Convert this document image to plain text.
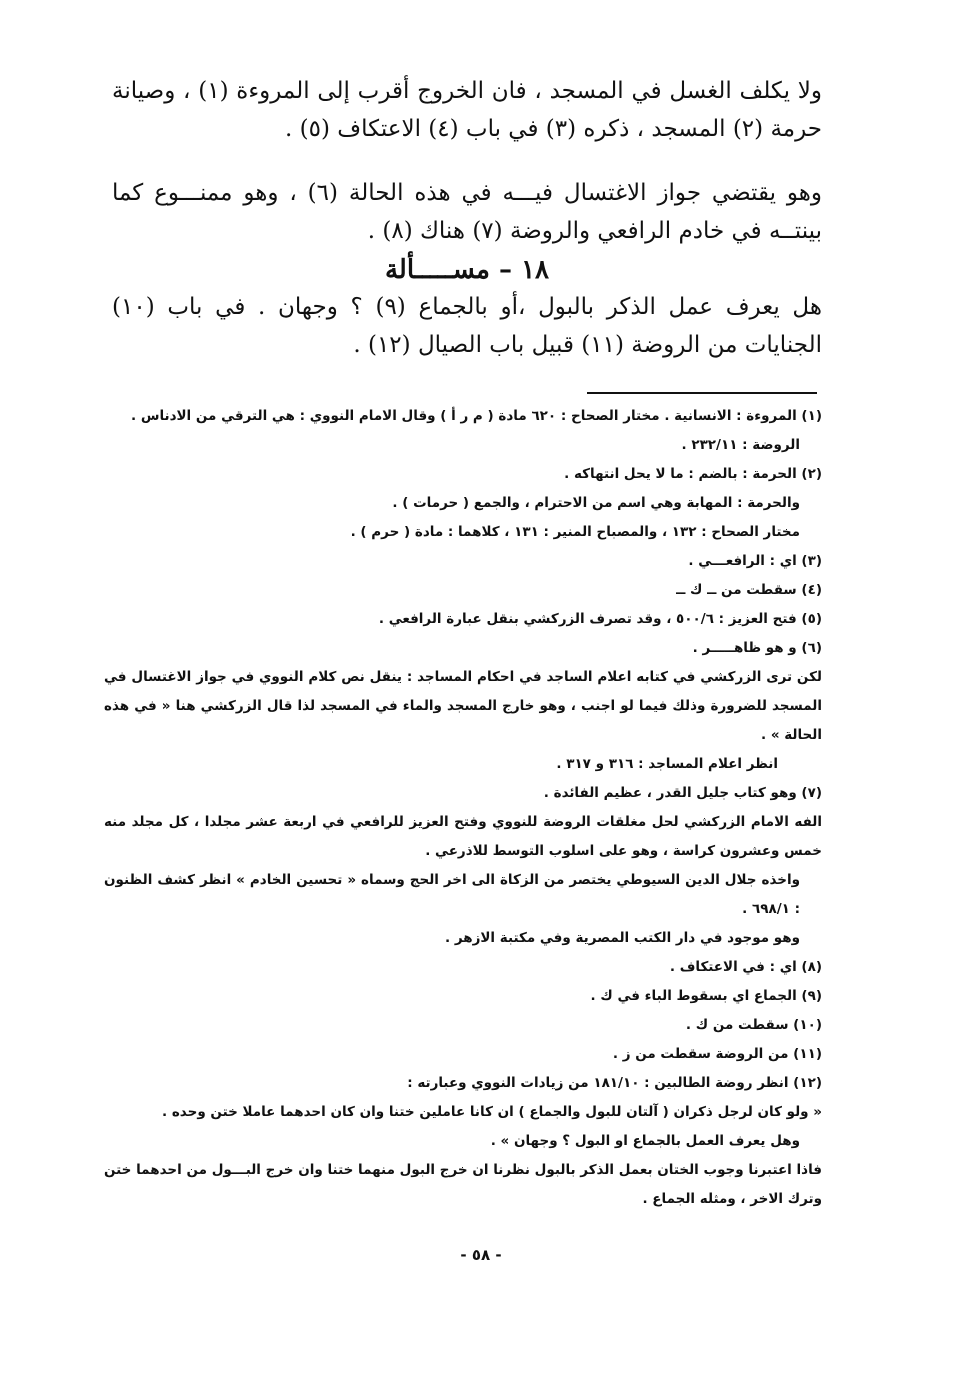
ولا يكلف الغسل في المسجد ، فان الخروج أقرب إلى المروءة (١) ، وصيانة حرمة (٢) المسجد ، ذكره (٣) في باب (٤) الاعتكاف (٥) .

وهو يقتضي جواز الاغتسال فيـــه في هذه الحالة (٦) ، وهو ممنـــوع كما بينتــه في خادم الرافعي والروضة (٧) هناك (٨) .

١٨ – مســـــألة

هل يعرف عمل الذكر بالبول ،أو بالجماع (٩) ؟ وجهان . في باب (١٠) الجنايات من الروضة (١١) قبيل باب الصيال (١٢) .

(١) المروءة : الانسانية . مختار الصحاح : ٦٢٠ مادة ( م ر أ ) وقال الامام النووي : هي الترقي من الادناس .

الروضة : ٢٣٢/١١ .

(٢) الحرمة : بالضم : ما لا يحل انتهاكه .

والحرمة : المهابة وهي اسم من الاحترام ، والجمع ( حرمات ) .

مختار الصحاح : ١٣٢ ، والمصباح المنير : ١٣١ ، كلاهما : مادة ( حرم ) .

(٣) اي : الرافعـــي .

(٤) سقطت من ــ ك ــ

(٥) فتح العزيز : ٥٠٠/٦ ، وقد تصرف الزركشي بنقل عبارة الرافعي .

(٦) و هو ظاهـــــر .

لكن ترى الزركشي في كتابه اعلام الساجد في احكام المساجد : ينقل نص كلام النووي في جواز الاغتسال في المسجد للضرورة وذلك فيما لو اجنب ، وهو خارج المسجد والماء في المسجد لذا قال الزركشي هنا « في هذه الحالة » .

انظر اعلام المساجد : ٣١٦ و ٣١٧ .

(٧) وهو كتاب جليل القدر ، عظيم الفائدة .

الفه الامام الزركشي لحل مغلقات الروضة للنووي وفتح العزيز للرافعي في اربعة عشر مجلدا ، كل مجلد منه خمس وعشرون كراسة ، وهو على اسلوب التوسط للاذرعي .

واخذه جلال الدين السيوطي يختصر من الزكاة الى اخر الحج وسماه « تحسين الخادم » انظر كشف الظنون : ٦٩٨/١ .

وهو موجود في دار الكتب المصرية وفي مكتبة الازهر .

(٨) اي : في الاعتكاف .

(٩) الجماع اي بسقوط الباء في ك .

(١٠) سقطت من ك .

(١١) من الروضة سقطت من ز .

(١٢) انظر روضة الطالبين : ١٨١/١٠ من زيادات النووي وعبارته :

« ولو كان لرجل ذكران ( آلتان للبول والجماع ) ان كانا عاملين ختنا وان كان احدهما عاملا ختن وحده .

وهل يعرف العمل بالجماع او البول ؟ وجهان » .

فاذا اعتبرنا وجوب الختان بعمل الذكر بالبول نظرنا ان خرج البول منهما ختنا وان خرج البـــول من احدهما ختن وترك الاخر ، ومثله الجماع .

- ٥٨ -
